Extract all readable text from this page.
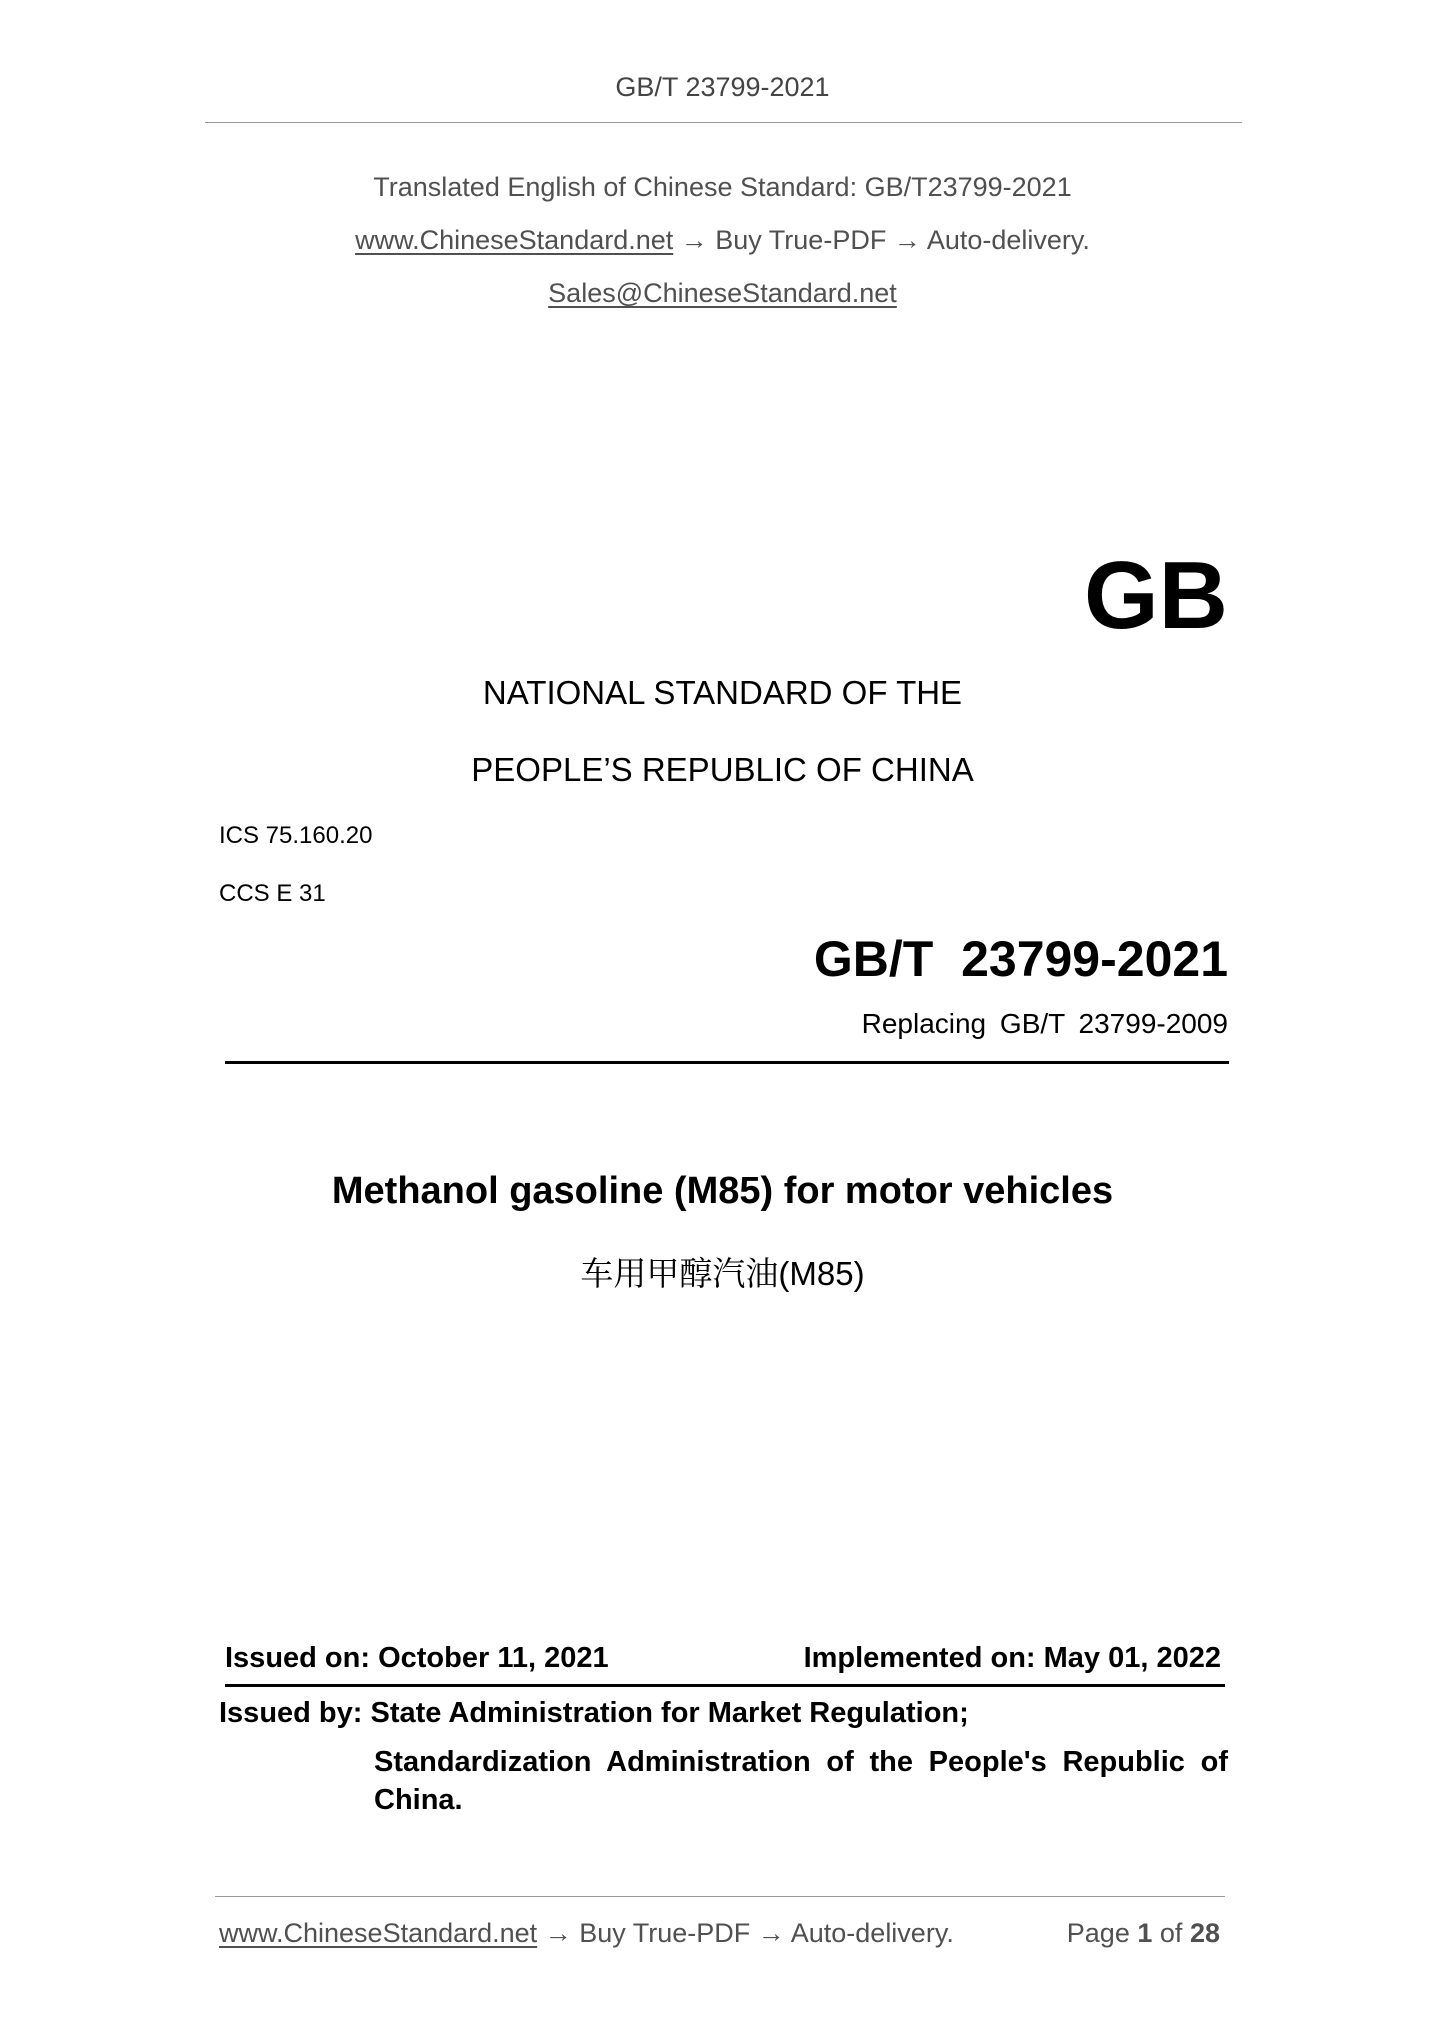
GB/T 23799-2021
Translated English of Chinese Standard: GB/T23799-2021
www.ChineseStandard.net → Buy True-PDF → Auto-delivery.
Sales@ChineseStandard.net
GB
NATIONAL STANDARD OF THE
PEOPLE’S REPUBLIC OF CHINA
ICS 75.160.20
CCS E 31
GB/T  23799-2021
Replacing GB/T 23799-2009
Methanol gasoline (M85) for motor vehicles
车用甲醇汽油(M85)
Issued on: October 11, 2021	Implemented on: May 01, 2022
Issued by: State Administration for Market Regulation;
Standardization Administration of the People's Republic of China.
www.ChineseStandard.net → Buy True-PDF → Auto-delivery.	Page 1 of 28
